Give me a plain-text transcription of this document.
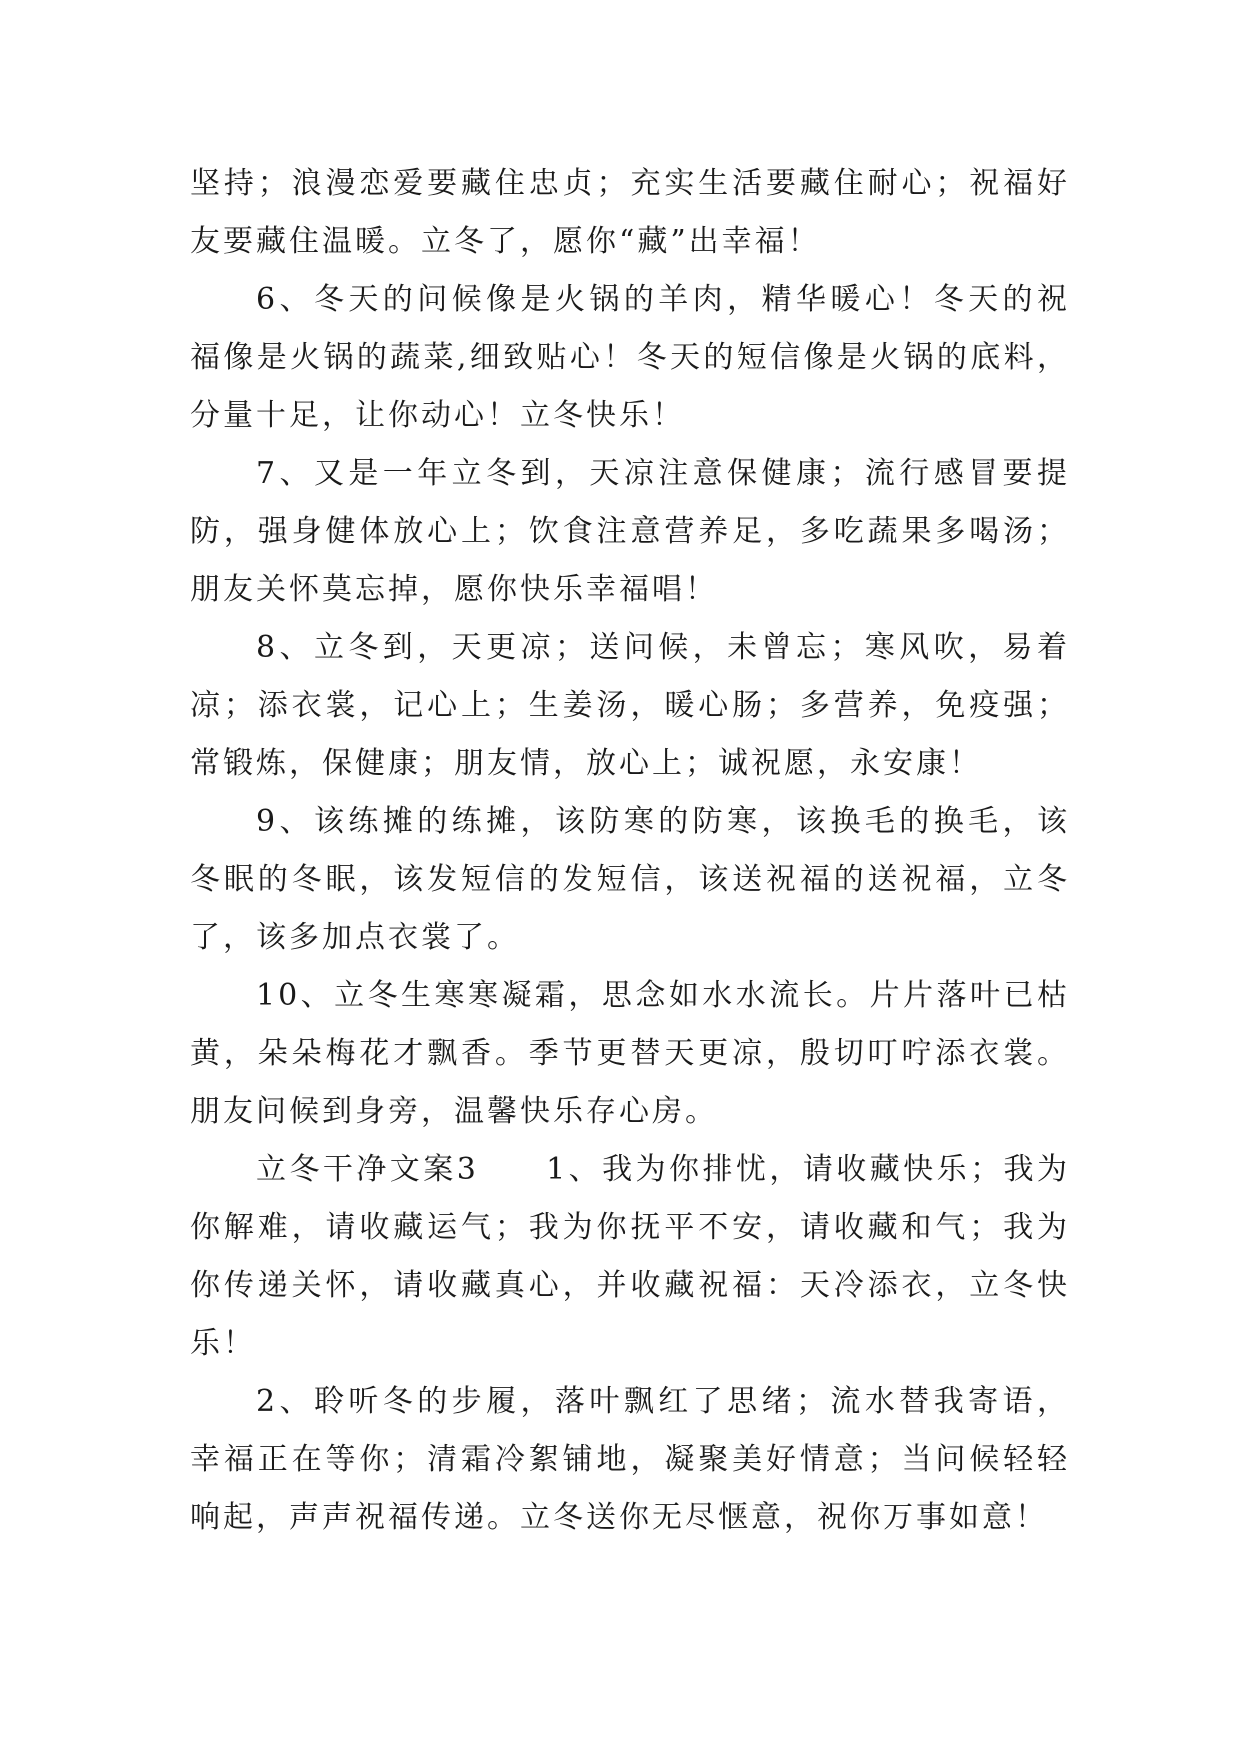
坚持；浪漫恋爱要藏住忠贞；充实生活要藏住耐心；祝福好友要藏住温暖。立冬了，愿你“藏”出幸福！

6、冬天的问候像是火锅的羊肉，精华暖心！冬天的祝福像是火锅的蔬菜,细致贴心！冬天的短信像是火锅的底料，分量十足，让你动心！立冬快乐！

7、又是一年立冬到，天凉注意保健康；流行感冒要提防，强身健体放心上；饮食注意营养足，多吃蔬果多喝汤；朋友关怀莫忘掉，愿你快乐幸福唱！

8、立冬到，天更凉；送问候，未曾忘；寒风吹，易着凉；添衣裳，记心上；生姜汤，暖心肠；多营养，免疫强；常锻炼，保健康；朋友情，放心上；诚祝愿，永安康！

9、该练摊的练摊，该防寒的防寒，该换毛的换毛，该冬眠的冬眠，该发短信的发短信，该送祝福的送祝福，立冬了，该多加点衣裳了。

10、立冬生寒寒凝霜，思念如水水流长。片片落叶已枯黄，朵朵梅花才飘香。季节更替天更凉，殷切叮咛添衣裳。朋友问候到身旁，温馨快乐存心房。

立冬干净文案3　　1、我为你排忧，请收藏快乐；我为你解难，请收藏运气；我为你抚平不安，请收藏和气；我为你传递关怀，请收藏真心，并收藏祝福：天冷添衣，立冬快乐！

2、聆听冬的步履，落叶飘红了思绪；流水替我寄语，幸福正在等你；清霜冷絮铺地，凝聚美好情意；当问候轻轻响起，声声祝福传递。立冬送你无尽惬意，祝你万事如意！
